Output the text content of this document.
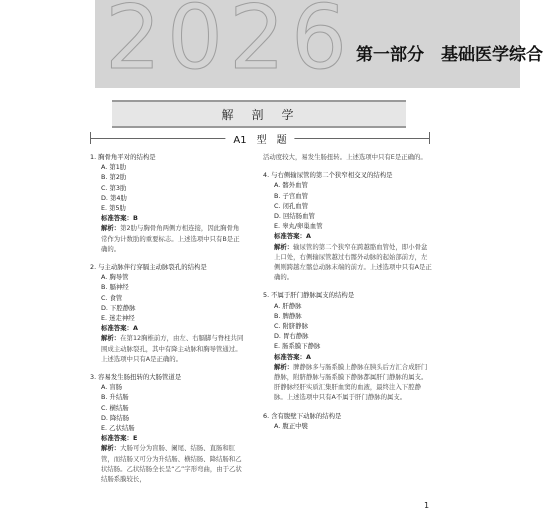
2026 第一部分　基础医学综合
解　剖　学
A1　型　题
1. 胸骨角平对的结构是
A. 第1肋
B. 第2肋
C. 第3肋
D. 第4肋
E. 第5肋
标准答案：B
解析：第2肋与胸骨角两侧方相连接，因此胸骨角常作为计数肋的重要标志。上述选项中只有B是正确的。
2. 与主动脉伴行穿膈主动脉裂孔的结构是
A. 胸导管
B. 膈神经
C. 食管
D. 下腔静脉
E. 迷走神经
标准答案：A
解析：在第12胸椎前方，由左、右膈脚与脊柱共同围成主动脉裂孔，其中有降主动脉和胸导管通过。上述选项中只有A是正确的。
3. 容易发生肠扭转的大肠管道是
A. 盲肠
B. 升结肠
C. 横结肠
D. 降结肠
E. 乙状结肠
标准答案：E
解析：大肠可分为盲肠、阑尾、结肠、直肠和肛管，而结肠又可分为升结肠、横结肠、降结肠和乙状结肠。乙状结肠全长呈“乙”字形弯曲，由于乙状结肠系膜较长，
活动度较大，易发生肠扭转。上述选项中只有E是正确的。
4. 与右侧输尿管的第二个狭窄相交叉的结构是
A. 髂外血管
B. 子宫血管
C. 闭孔血管
D. 回结肠血管
E. 睾丸/卵巢血管
标准答案：A
解析：输尿管的第二个狭窄在跨越骼血管处，即小骨盆上口处，右侧输尿管越过右髂外动脉的起始部前方，左侧则跨越左髂总动脉末端的前方。上述选项中只有A是正确的。
5. 不属于肝门静脉属支的结构是
A. 肝静脉
B. 脾静脉
C. 附脐静脉
D. 胃右静脉
E. 肠系膜下静脉
标准答案：A
解析：脾静脉多与肠系膜上静脉在胰头后方汇合成肝门静脉，附脐静脉与肠系膜下静脉都属肝门静脉的属支。肝静脉经肝实质汇集肝血窦的血液，最终注入下腔静脉。上述选项中只有A不属于肝门静脉的属支。
6. 含有腹壁下动脉的结构是
A. 腹正中襞
1
